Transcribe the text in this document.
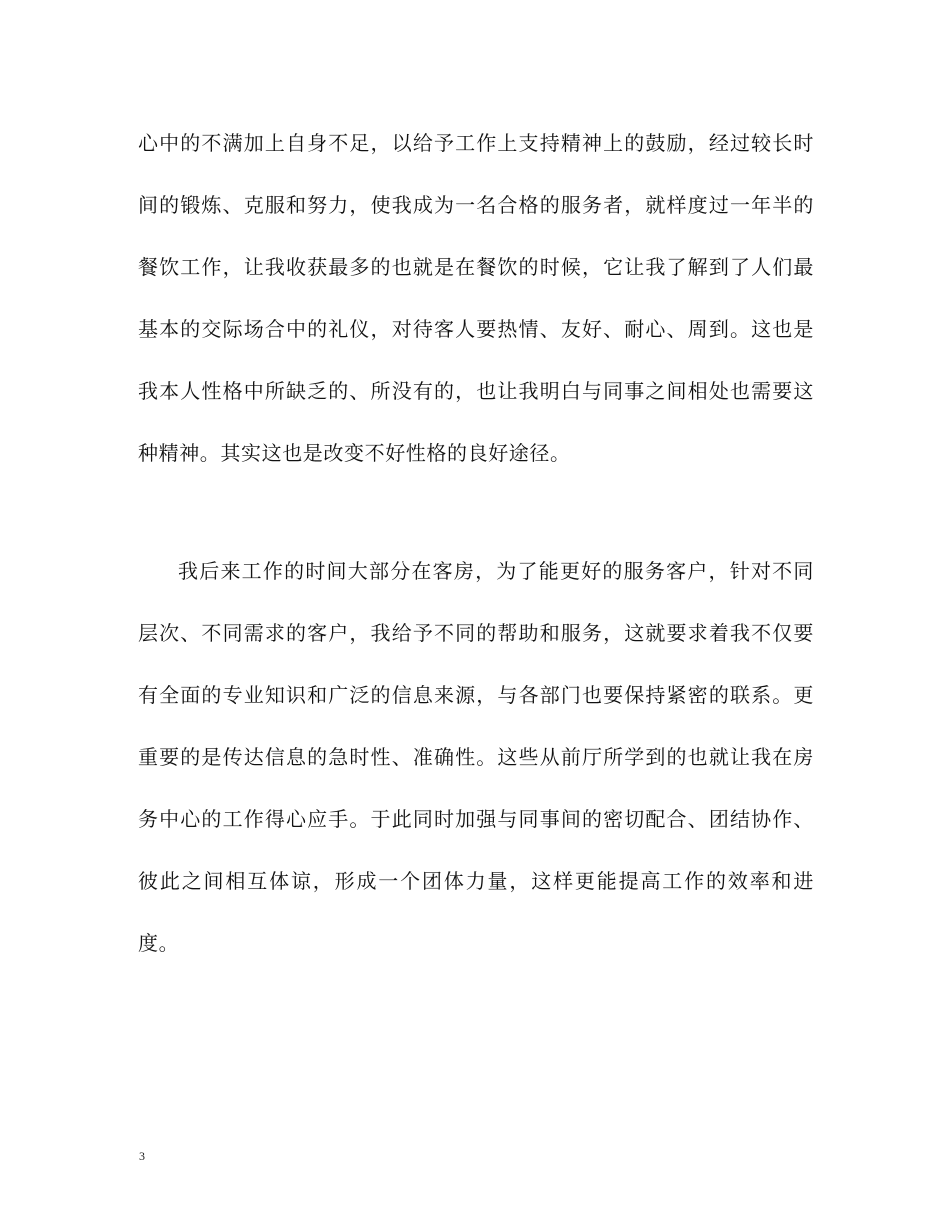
心中的不满加上自身不足，以给予工作上支持精神上的鼓励，经过较长时间的锻炼、克服和努力，使我成为一名合格的服务者，就样度过一年半的餐饮工作，让我收获最多的也就是在餐饮的时候，它让我了解到了人们最基本的交际场合中的礼仪，对待客人要热情、友好、耐心、周到。这也是我本人性格中所缺乏的、所没有的，也让我明白与同事之间相处也需要这种精神。其实这也是改变不好性格的良好途径。

我后来工作的时间大部分在客房，为了能更好的服务客户，针对不同层次、不同需求的客户，我给予不同的帮助和服务，这就要求着我不仅要有全面的专业知识和广泛的信息来源，与各部门也要保持紧密的联系。更重要的是传达信息的急时性、准确性。这些从前厅所学到的也就让我在房务中心的工作得心应手。于此同时加强与同事间的密切配合、团结协作、彼此之间相互体谅，形成一个团体力量，这样更能提高工作的效率和进度。

3
